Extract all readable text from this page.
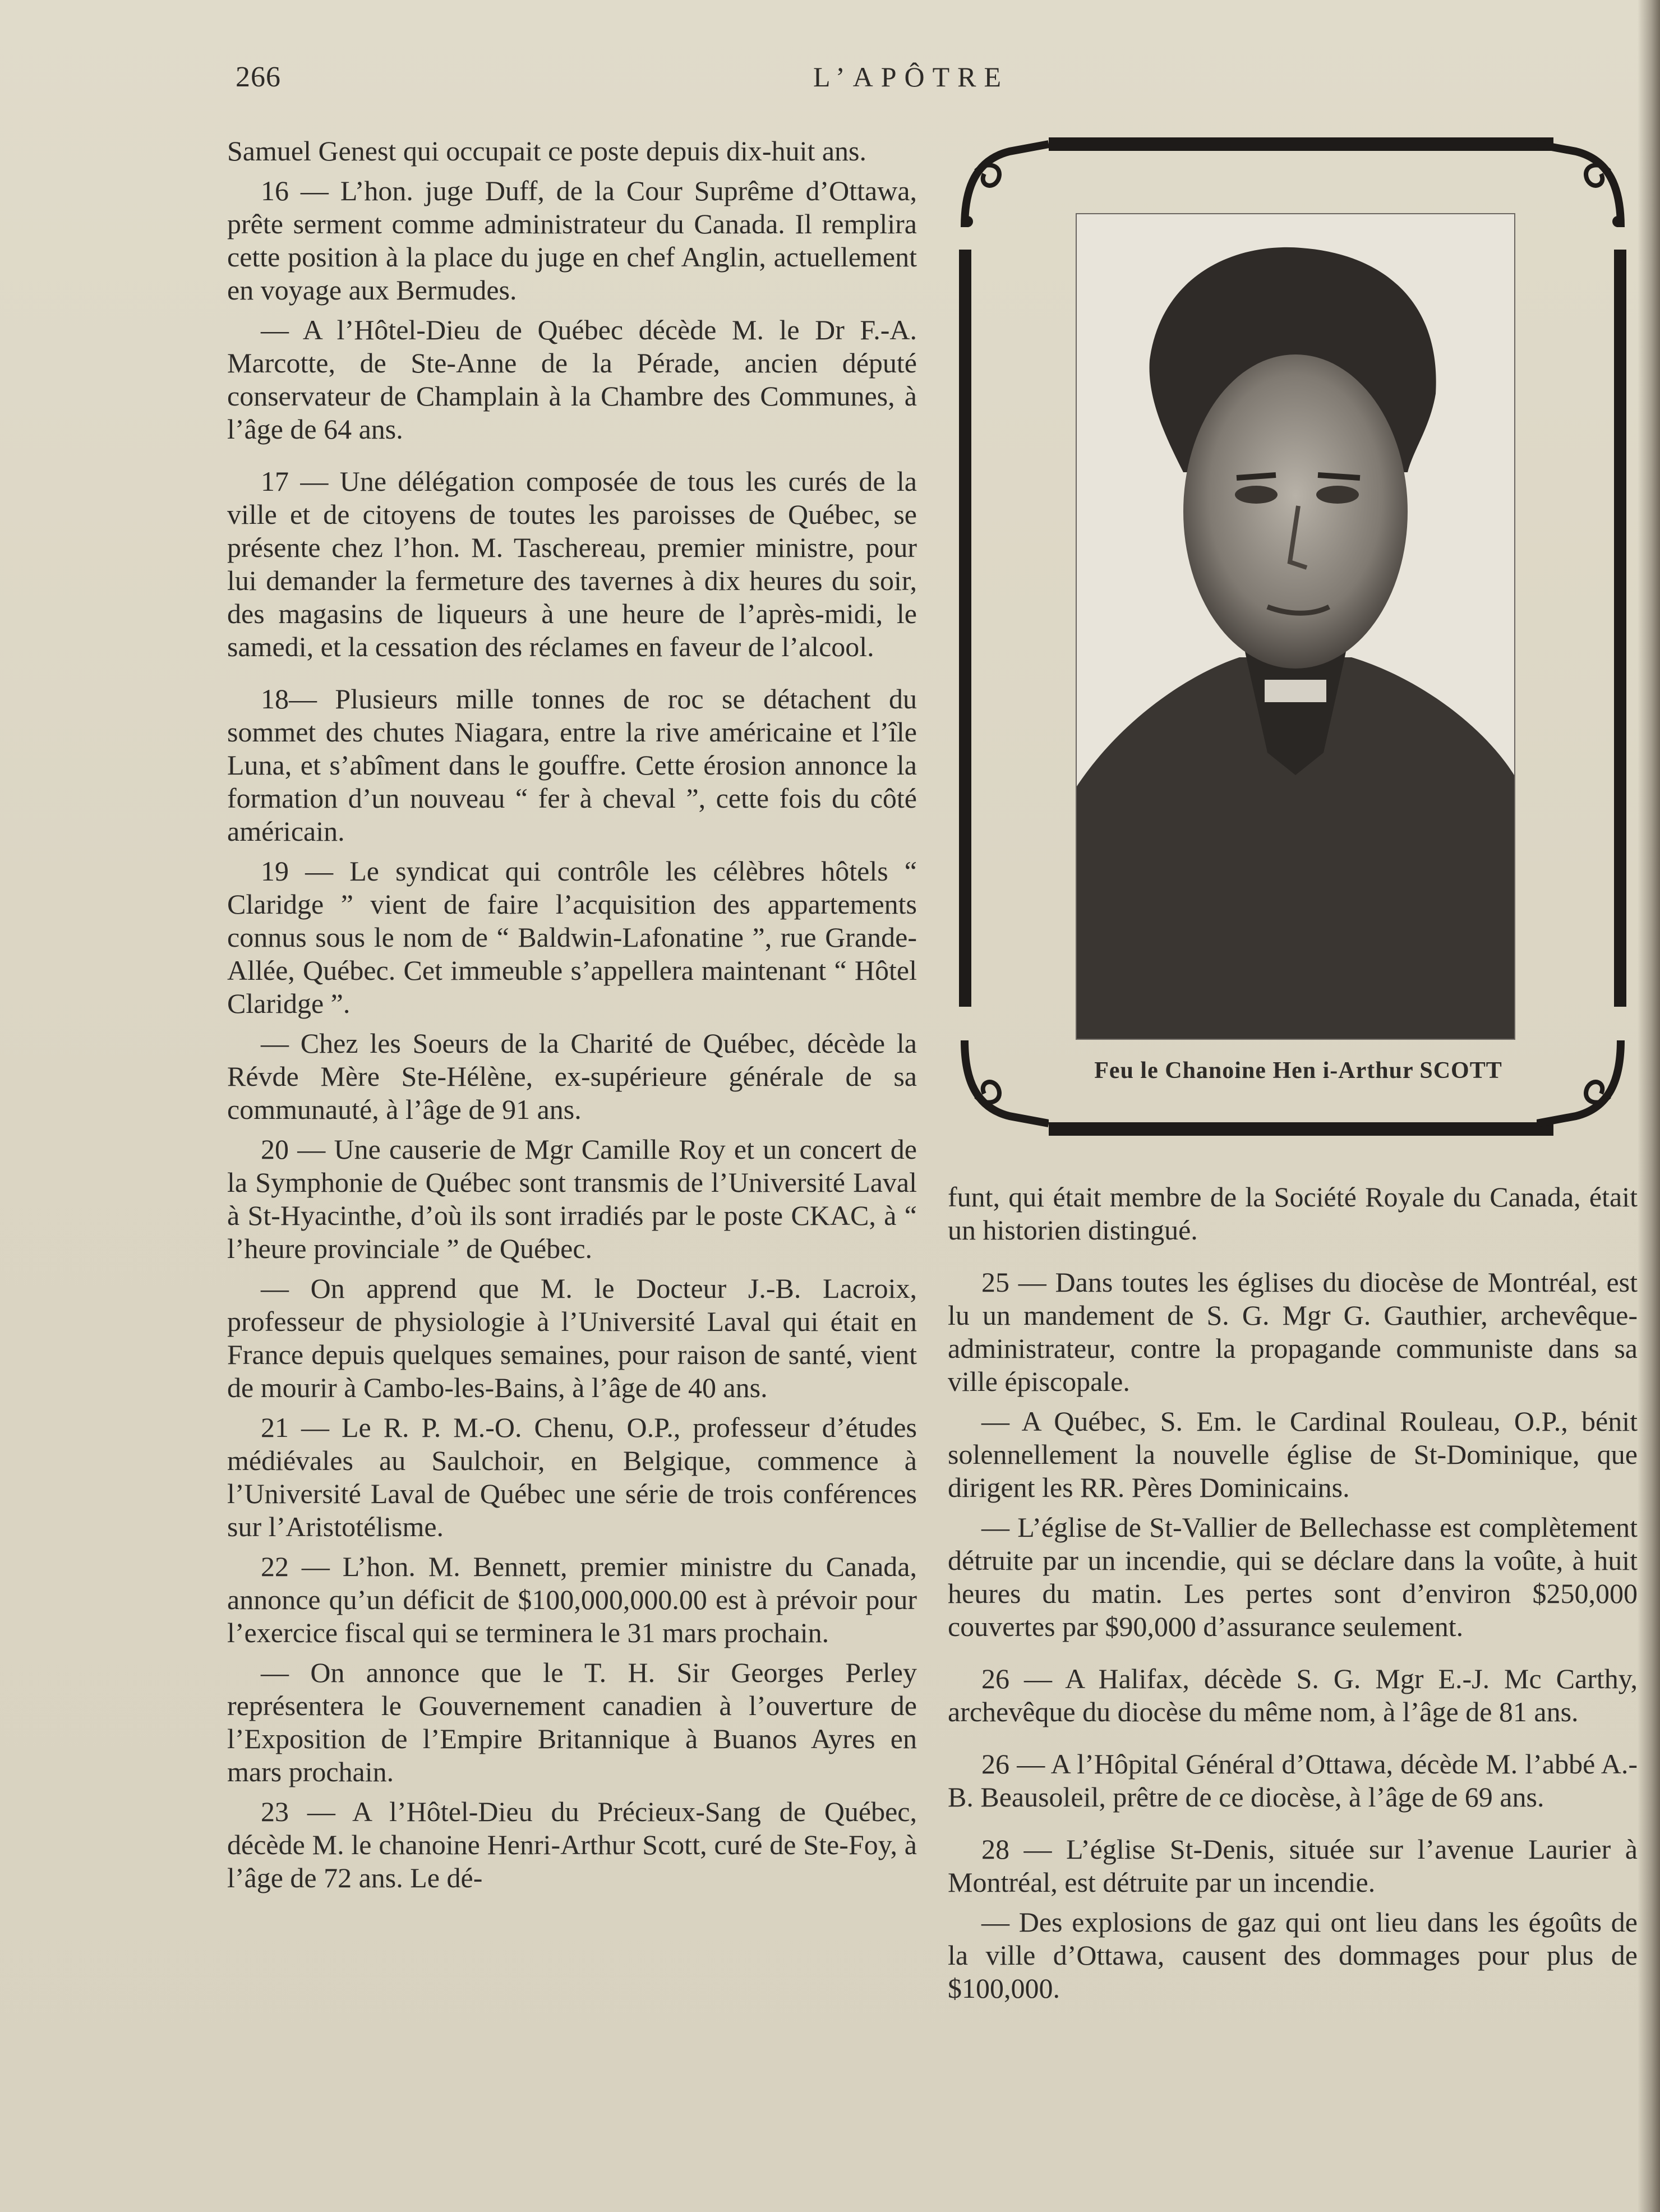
266	L’APÔTRE

Samuel Genest qui occupait ce poste depuis dix-huit ans.

16 — L’hon. juge Duff, de la Cour Suprême d’Ottawa, prête serment comme administrateur du Canada. Il remplira cette position à la place du juge en chef Anglin, actuellement en voyage aux Bermudes.

— A l’Hôtel-Dieu de Québec décède M. le Dr F.-A. Marcotte, de Ste-Anne de la Pérade, ancien député conservateur de Champlain à la Chambre des Communes, à l’âge de 64 ans.

17 — Une délégation composée de tous les curés de la ville et de citoyens de toutes les paroisses de Québec, se présente chez l’hon. M. Taschereau, premier ministre, pour lui demander la fermeture des tavernes à dix heures du soir, des magasins de liqueurs à une heure de l’après-midi, le samedi, et la cessation des réclames en faveur de l’alcool.

18— Plusieurs mille tonnes de roc se détachent du sommet des chutes Niagara, entre la rive américaine et l’île Luna, et s’abîment dans le gouffre. Cette érosion annonce la formation d’un nouveau “ fer à cheval ”, cette fois du côté américain.

19 — Le syndicat qui contrôle les célèbres hôtels “ Claridge ” vient de faire l’acquisition des appartements connus sous le nom de “ Baldwin-Lafonatine ”, rue Grande-Allée, Québec. Cet immeuble s’appellera maintenant “ Hôtel Claridge ”.

— Chez les Soeurs de la Charité de Québec, décède la Révde Mère Ste-Hélène, ex-supérieure générale de sa communauté, à l’âge de 91 ans.

20 — Une causerie de Mgr Camille Roy et un concert de la Symphonie de Québec sont transmis de l’Université Laval à St-Hyacinthe, d’où ils sont irradiés par le poste CKAC, à “ l’heure provinciale ” de Québec.

— On apprend que M. le Docteur J.-B. Lacroix, professeur de physiologie à l’Université Laval qui était en France depuis quelques semaines, pour raison de santé, vient de mourir à Cambo-les-Bains, à l’âge de 40 ans.

21 — Le R. P. M.-O. Chenu, O.P., professeur d’études médiévales au Saulchoir, en Belgique, commence à l’Université Laval de Québec une série de trois conférences sur l’Aristotélisme.

22 — L’hon. M. Bennett, premier ministre du Canada, annonce qu’un déficit de $100,000,000.00 est à prévoir pour l’exercice fiscal qui se terminera le 31 mars prochain.

— On annonce que le T. H. Sir Georges Perley représentera le Gouvernement canadien à l’ouverture de l’Exposition de l’Empire Britannique à Buanos Ayres en mars prochain.

23 — A l’Hôtel-Dieu du Précieux-Sang de Québec, décède M. le chanoine Henri-Arthur Scott, curé de Ste-Foy, à l’âge de 72 ans. Le dé-

Feu le Chanoine Hen i-Arthur SCOTT

funt, qui était membre de la Société Royale du Canada, était un historien distingué.

25 — Dans toutes les églises du diocèse de Montréal, est lu un mandement de S. G. Mgr G. Gauthier, archevêque-administrateur, contre la propagande communiste dans sa ville épiscopale.

— A Québec, S. Em. le Cardinal Rouleau, O.P., bénit solennellement la nouvelle église de St-Dominique, que dirigent les RR. Pères Dominicains.

— L’église de St-Vallier de Bellechasse est complètement détruite par un incendie, qui se déclare dans la voûte, à huit heures du matin. Les pertes sont d’environ $250,000 couvertes par $90,000 d’assurance seulement.

26 — A Halifax, décède S. G. Mgr E.-J. Mc Carthy, archevêque du diocèse du même nom, à l’âge de 81 ans.

26 — A l’Hôpital Général d’Ottawa, décède M. l’abbé A.-B. Beausoleil, prêtre de ce diocèse, à l’âge de 69 ans.

28 — L’église St-Denis, située sur l’avenue Laurier à Montréal, est détruite par un incendie.

— Des explosions de gaz qui ont lieu dans les égoûts de la ville d’Ottawa, causent des dommages pour plus de $100,000.
